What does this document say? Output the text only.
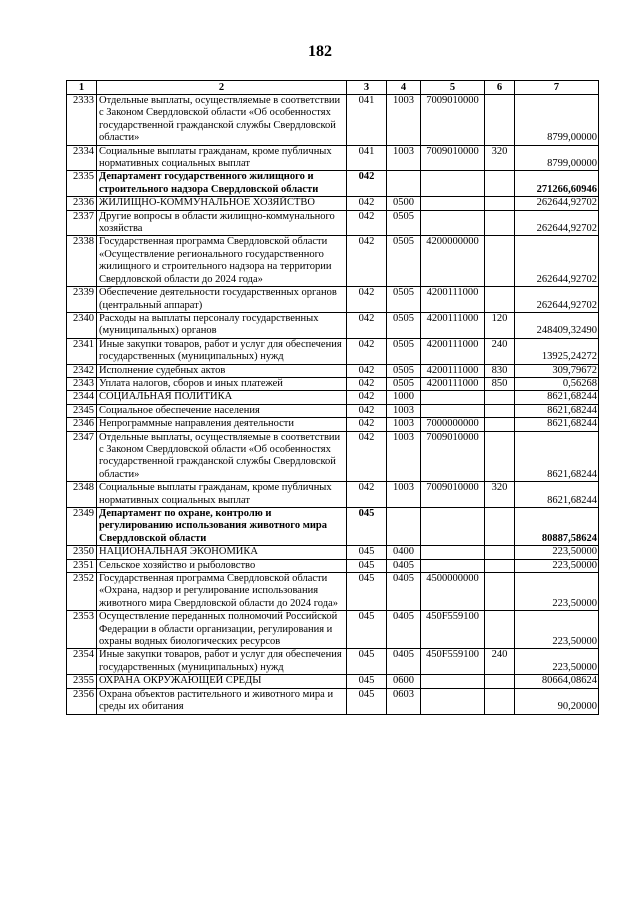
182
1	2	3	4	5	6	7
2333	Отдельные выплаты, осуществляемые в соответствии с Законом Свердловской области «Об особенностях государственной гражданской службы Свердловской области»	041	1003	7009010000		8799,00000
2334	Социальные выплаты гражданам, кроме публичных нормативных социальных выплат	041	1003	7009010000	320	8799,00000
2335	Департамент государственного жилищного и строительного надзора Свердловской области	042				271266,60946
2336	ЖИЛИЩНО-КОММУНАЛЬНОЕ ХОЗЯЙСТВО	042	0500			262644,92702
2337	Другие вопросы в области жилищно-коммунального хозяйства	042	0505			262644,92702
2338	Государственная программа Свердловской области «Осуществление регионального государственного жилищного и строительного надзора на территории Свердловской области до 2024 года»	042	0505	4200000000		262644,92702
2339	Обеспечение деятельности государственных органов (центральный аппарат)	042	0505	4200111000		262644,92702
2340	Расходы на выплаты персоналу государственных (муниципальных) органов	042	0505	4200111000	120	248409,32490
2341	Иные закупки товаров, работ и услуг для обеспечения государственных (муниципальных) нужд	042	0505	4200111000	240	13925,24272
2342	Исполнение судебных актов	042	0505	4200111000	830	309,79672
2343	Уплата налогов, сборов и иных платежей	042	0505	4200111000	850	0,56268
2344	СОЦИАЛЬНАЯ ПОЛИТИКА	042	1000			8621,68244
2345	Социальное обеспечение населения	042	1003			8621,68244
2346	Непрограммные направления деятельности	042	1003	7000000000		8621,68244
2347	Отдельные выплаты, осуществляемые в соответствии с Законом Свердловской области «Об особенностях государственной гражданской службы Свердловской области»	042	1003	7009010000		8621,68244
2348	Социальные выплаты гражданам, кроме публичных нормативных социальных выплат	042	1003	7009010000	320	8621,68244
2349	Департамент по охране, контролю и регулированию использования животного мира Свердловской области	045				80887,58624
2350	НАЦИОНАЛЬНАЯ ЭКОНОМИКА	045	0400			223,50000
2351	Сельское хозяйство и рыболовство	045	0405			223,50000
2352	Государственная программа Свердловской области «Охрана, надзор и регулирование использования животного мира Свердловской области до 2024 года»	045	0405	4500000000		223,50000
2353	Осуществление переданных полномочий Российской Федерации в области организации, регулирования и охраны водных биологических ресурсов	045	0405	450F559100		223,50000
2354	Иные закупки товаров, работ и услуг для обеспечения государственных (муниципальных) нужд	045	0405	450F559100	240	223,50000
2355	ОХРАНА ОКРУЖАЮЩЕЙ СРЕДЫ	045	0600			80664,08624
2356	Охрана объектов растительного и животного мира и среды их обитания	045	0603			90,20000
